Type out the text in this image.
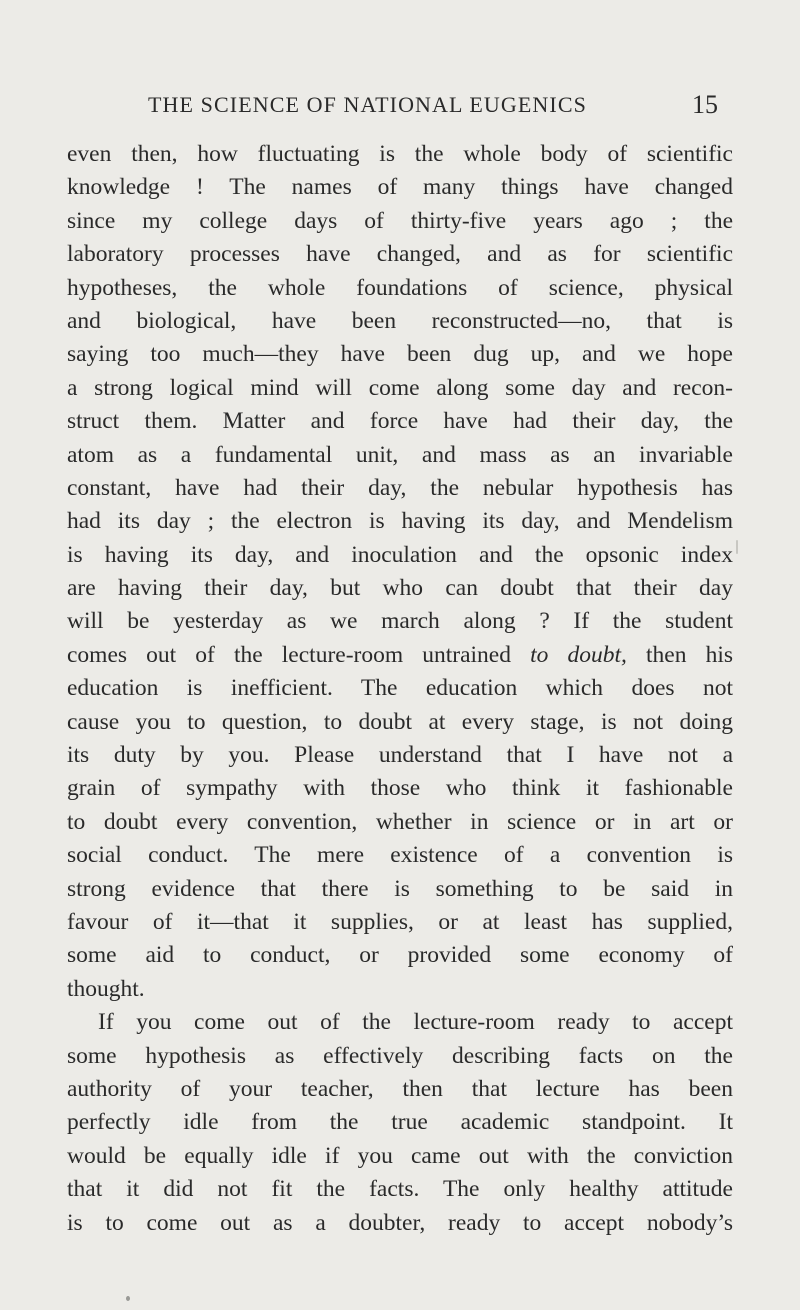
THE SCIENCE OF NATIONAL EUGENICS	15
even then, how fluctuating is the whole body of scientific
knowledge ! The names of many things have changed
since my college days of thirty-five years ago ; the
laboratory processes have changed, and as for scientific
hypotheses, the whole foundations of science, physical
and biological, have been reconstructed—no, that is
saying too much—they have been dug up, and we hope
a strong logical mind will come along some day and recon-
struct them. Matter and force have had their day, the
atom as a fundamental unit, and mass as an invariable
constant, have had their day, the nebular hypothesis has
had its day ; the electron is having its day, and Mendelism
is having its day, and inoculation and the opsonic index
are having their day, but who can doubt that their day
will be yesterday as we march along ? If the student
comes out of the lecture-room untrained to doubt, then his
education is inefficient. The education which does not
cause you to question, to doubt at every stage, is not doing
its duty by you. Please understand that I have not a
grain of sympathy with those who think it fashionable
to doubt every convention, whether in science or in art or
social conduct. The mere existence of a convention is
strong evidence that there is something to be said in
favour of it—that it supplies, or at least has supplied,
some aid to conduct, or provided some economy of
thought.
If you come out of the lecture-room ready to accept
some hypothesis as effectively describing facts on the
authority of your teacher, then that lecture has been
perfectly idle from the true academic standpoint. It
would be equally idle if you came out with the conviction
that it did not fit the facts. The only healthy attitude
is to come out as a doubter, ready to accept nobody’s
